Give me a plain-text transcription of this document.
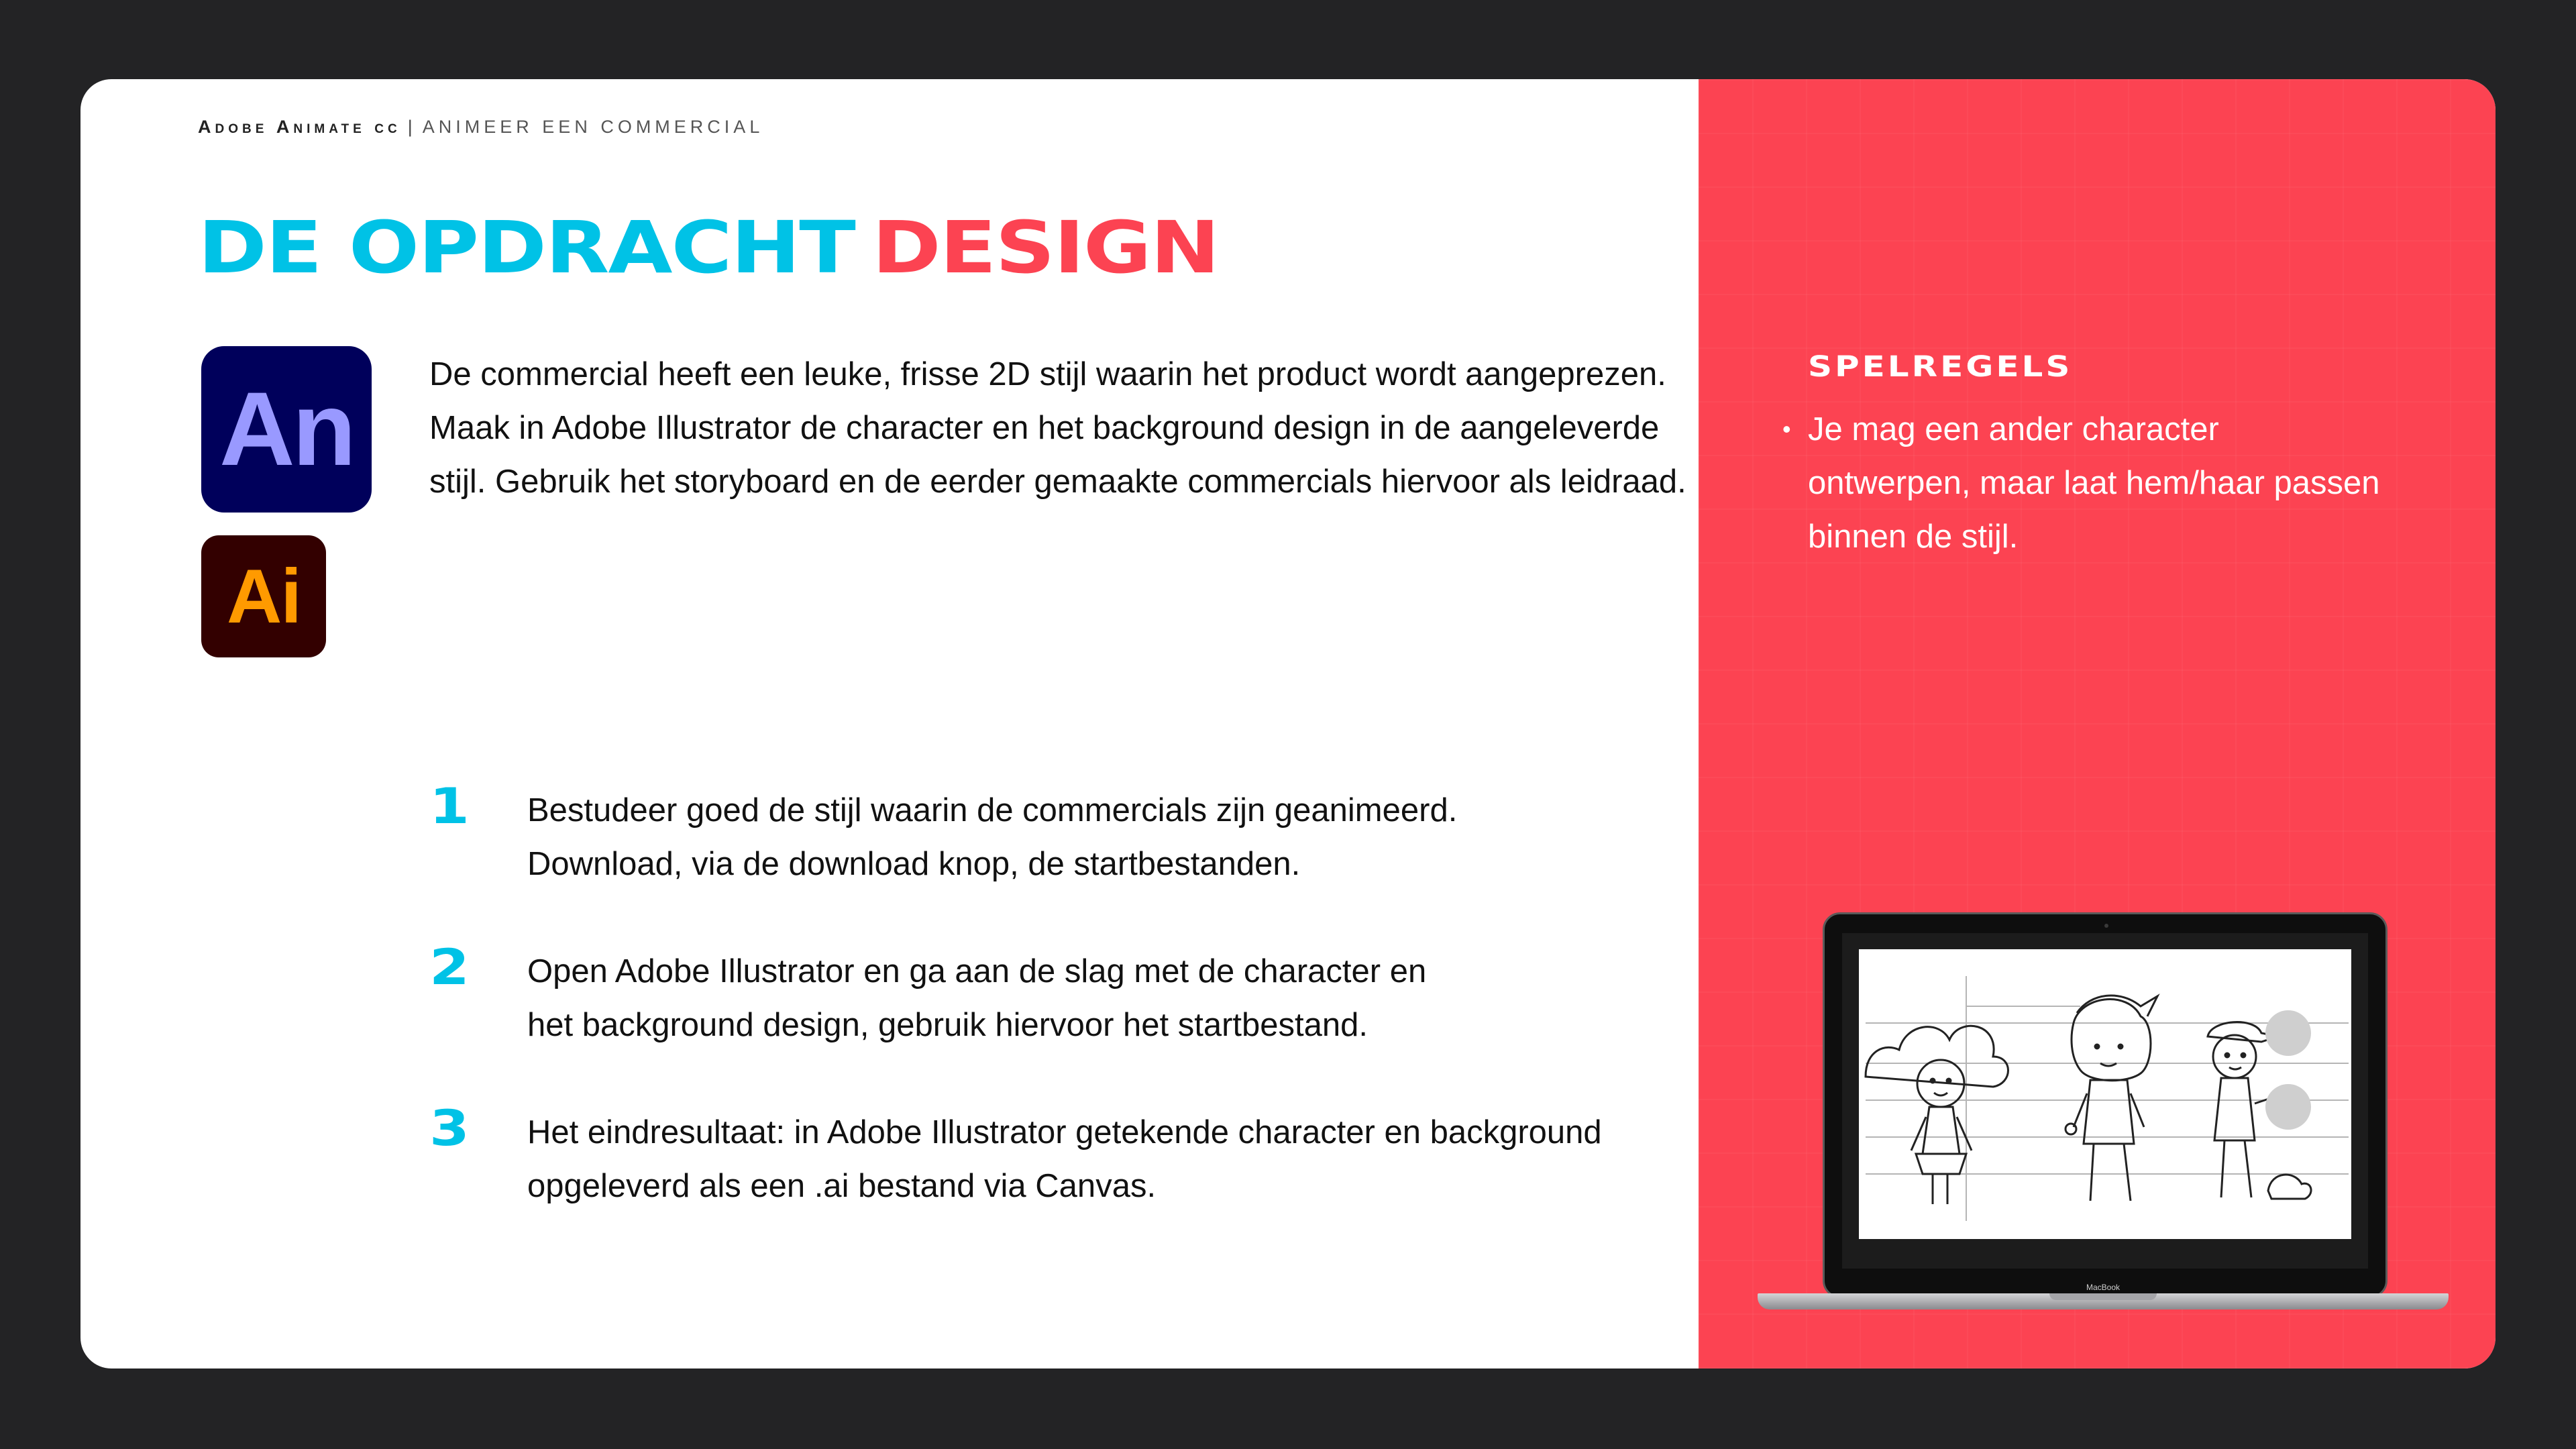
Adobe Animate cc | ANIMEER EEN COMMERCIAL
DE OPDRACHT DESIGN
An
Ai
De commercial heeft een leuke, frisse 2D stijl waarin het product wordt aangeprezen. Maak in Adobe Illustrator de character en het background design in de aangeleverde stijl. Gebruik het storyboard en de eerder gemaakte commercials hiervoor als leidraad.
1 Bestudeer goed de stijl waarin de commercials zijn geanimeerd.
Download, via de download knop, de startbestanden.
2 Open Adobe Illustrator en ga aan de slag met de character en
het background design, gebruik hiervoor het startbestand.
3 Het eindresultaat: in Adobe Illustrator getekende character en background
opgeleverd als een .ai bestand via Canvas.
SPELREGELS
• Je mag een ander character ontwerpen, maar laat hem/haar passen binnen de stijl.
MacBook
